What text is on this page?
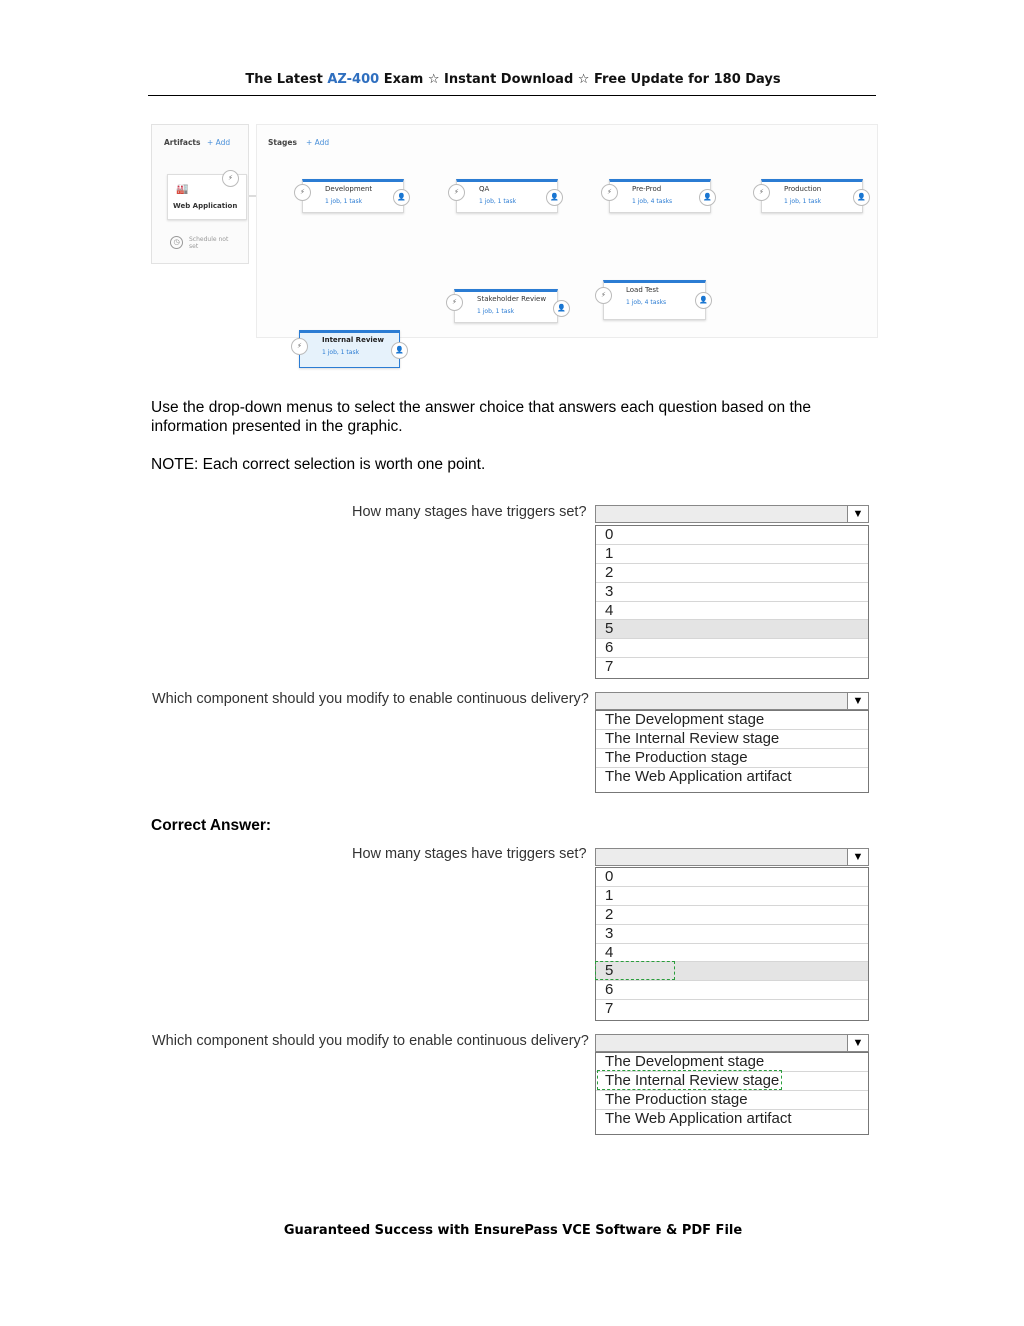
The Latest AZ-400 Exam ☆ Instant Download ☆ Free Update for 180 Days
Artifacts + Add	Stages + Add
🏭
Web Application
⚡
◷	Schedule not set
Development
1 job, 1 task
⚡
👤
QA
1 job, 1 task
⚡
👤
Pre-Prod
1 job, 4 tasks
⚡
👤
Production
1 job, 1 task
⚡
👤
Stakeholder Review
1 job, 1 task
⚡
👤
Load Test
1 job, 4 tasks
⚡
👤
Internal Review
1 job, 1 task
⚡	👤
Use the drop-down menus to select the answer choice that answers each question based on the information presented in the graphic.
NOTE: Each correct selection is worth one point.
How many stages have triggers set?	▼
0
1
2
3
4
5
6
7
Which component should you modify to enable continuous delivery?	▼
The Development stage
The Internal Review stage
The Production stage
The Web Application artifact
Correct Answer:
How many stages have triggers set?	▼
0
1
2
3
4
5
6
7
Which component should you modify to enable continuous delivery?	▼
The Development stage
The Internal Review stage
The Production stage
The Web Application artifact
Guaranteed Success with EnsurePass VCE Software & PDF File
